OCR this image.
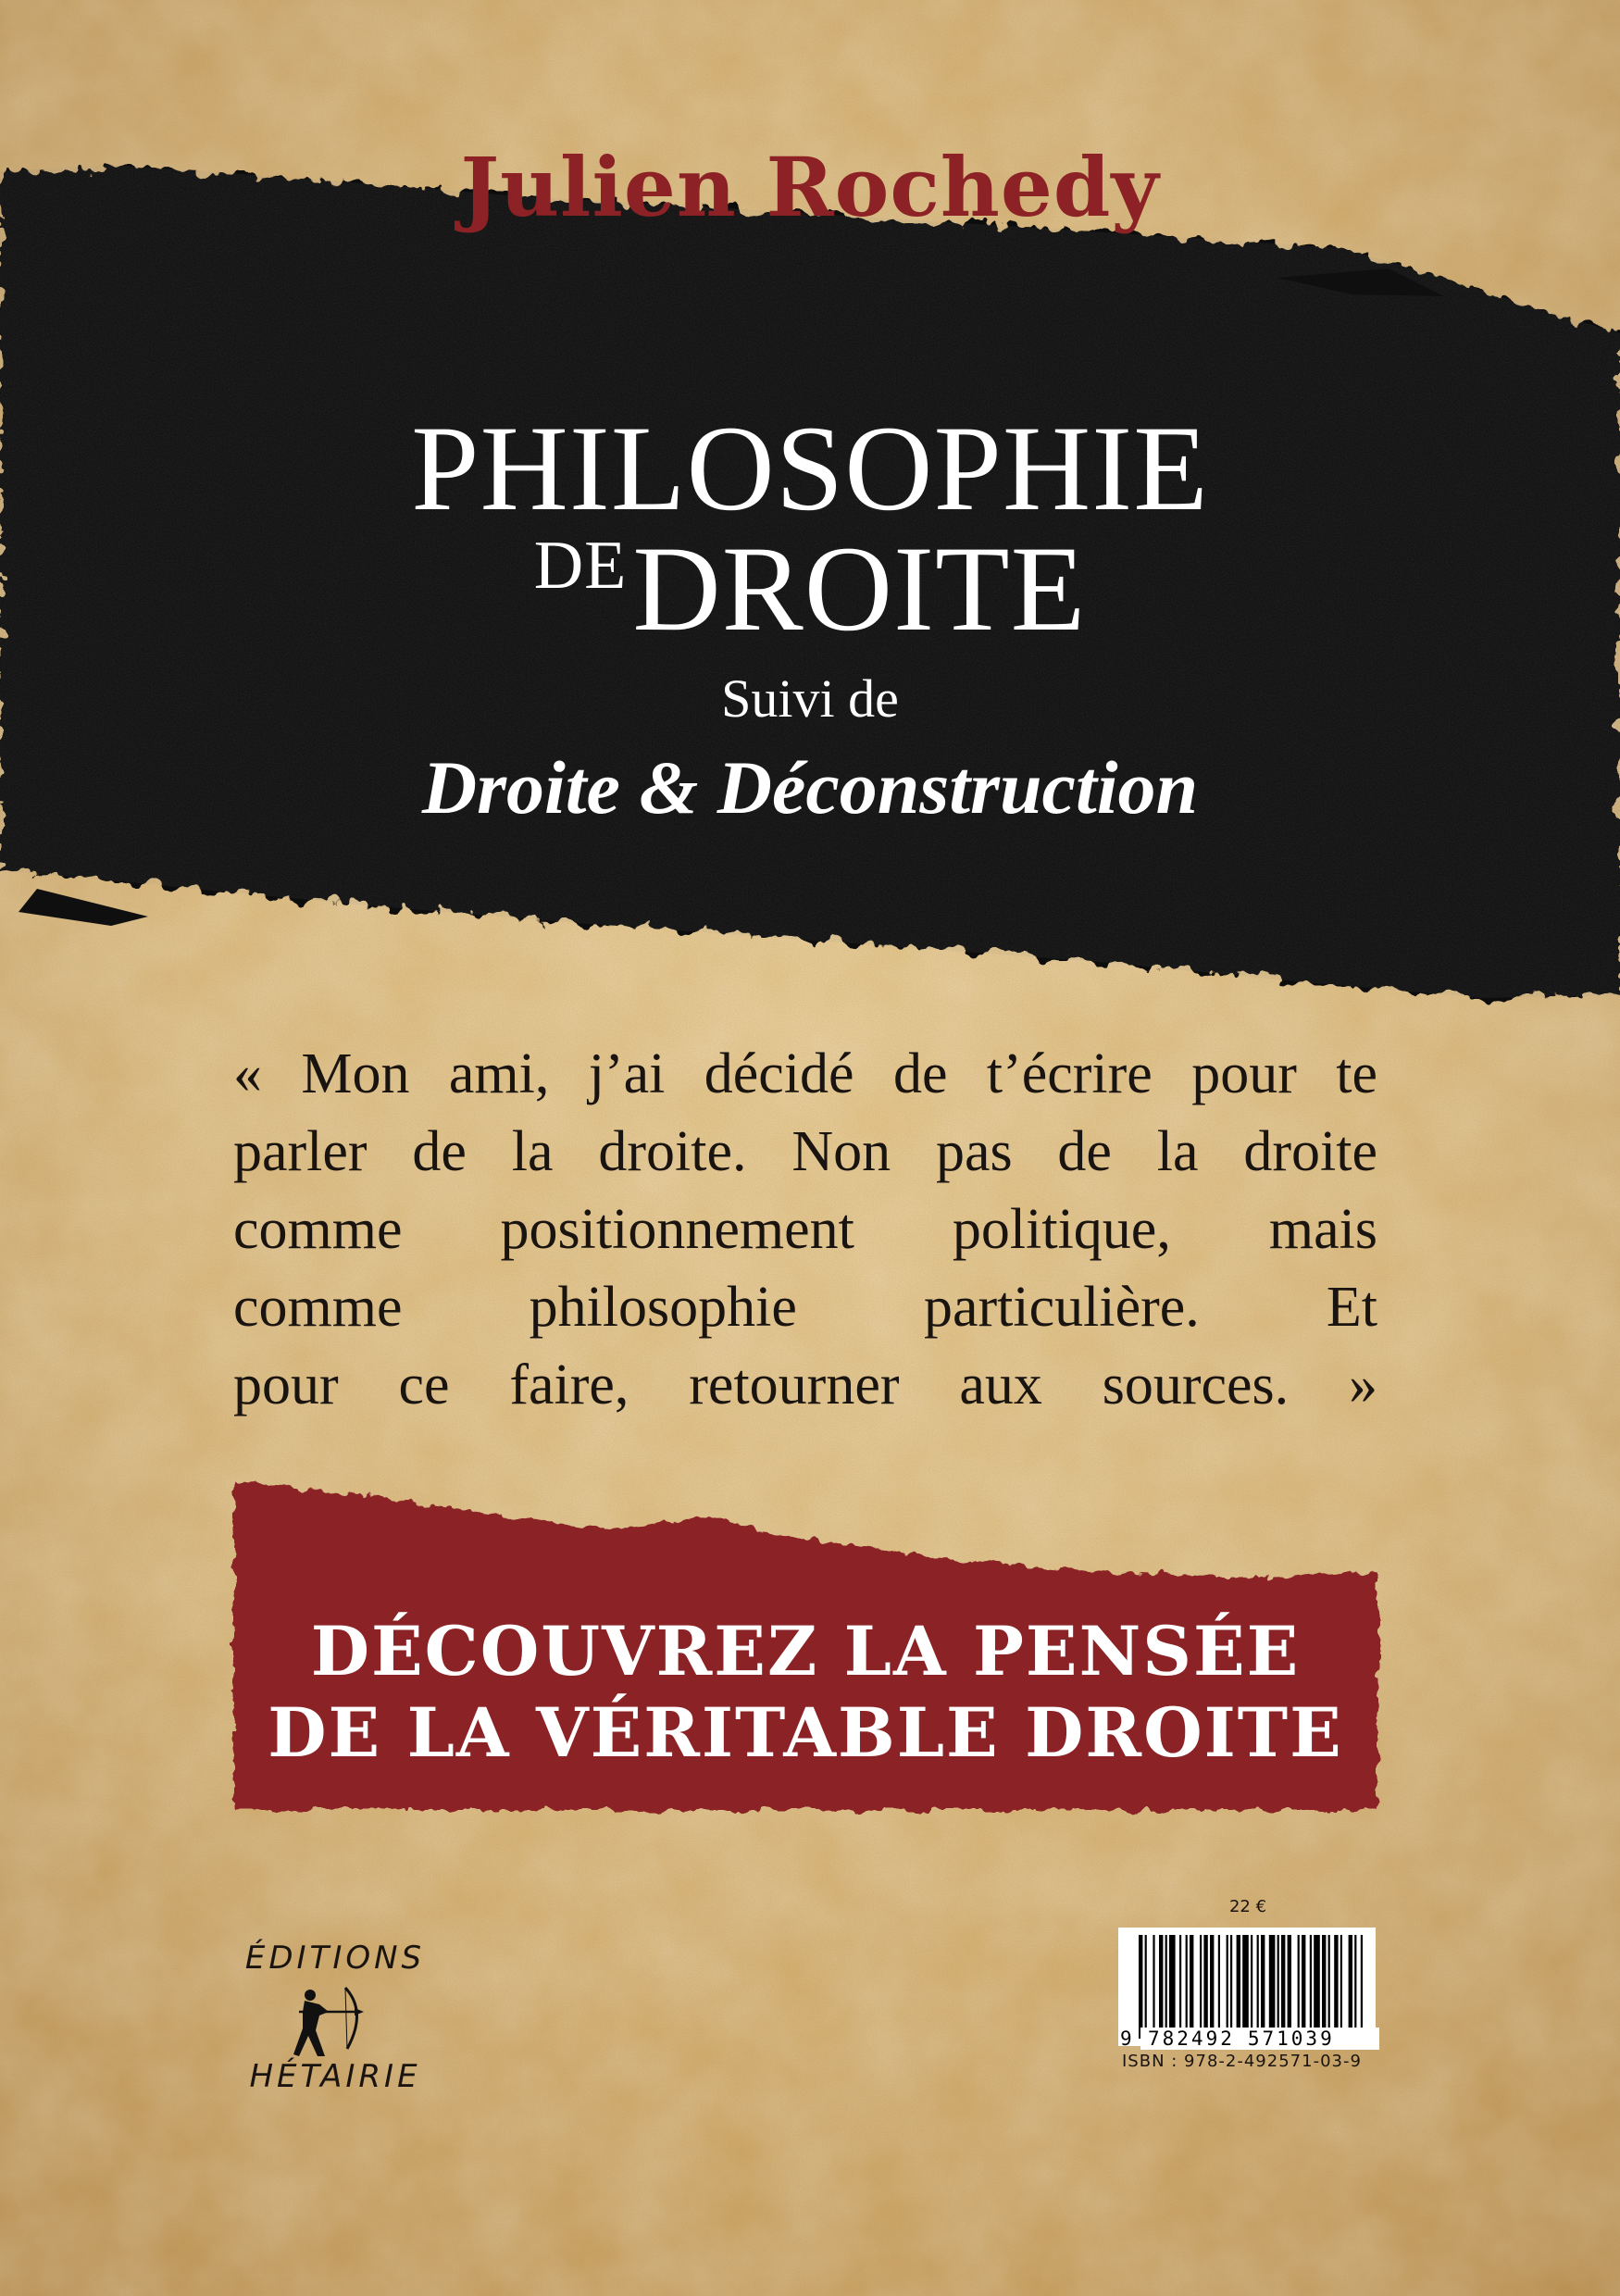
Julien Rochedy
PHILOSOPHIE
DEDROITE
Suivi de
Droite & Déconstruction
« Mon ami, j’ai décidé de t’écrire pour te
parler de la droite. Non pas de la droite
comme positionnement politique, mais
comme philosophie particulière. Et
pour ce faire, retourner aux sources. »
DÉCOUVREZ LA PENSÉE
DE LA VÉRITABLE DROITE
ÉDITIONS
HÉTAIRIE
22 €
9 782492 571039
ISBN : 978-2-492571-03-9
